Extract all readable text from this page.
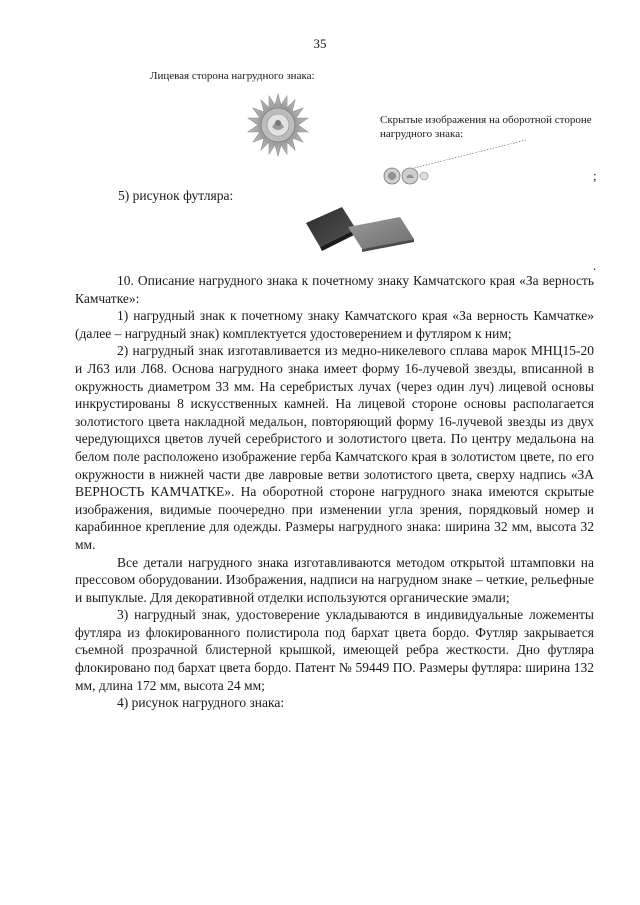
35
Лицевая сторона нагрудного знака:
Скрытые изображения на оборотной стороне нагрудного знака:
;
5) рисунок футляра:
.

10. Описание нагрудного знака к почетному знаку Камчатского края «За верность Камчатке»:

1) нагрудный знак к почетному знаку Камчатского края «За верность Камчатке» (далее – нагрудный знак) комплектуется удостоверением и футляром к ним;

2) нагрудный знак изготавливается из медно-никелевого сплава марок МНЦ15-20 и Л63 или Л68. Основа нагрудного знака имеет форму 16-лучевой звезды, вписанной в окружность диаметром 33 мм. На серебристых лучах (через один луч) лицевой основы инкрустированы 8 искусственных камней. На лицевой стороне основы располагается золотистого цвета накладной медальон, повторяющий форму 16-лучевой звезды из двух чередующихся цветов лучей серебристого и золотистого цвета. По центру медальона на белом поле расположено изображение герба Камчатского края в золотистом цвете, по его окружности в нижней части две лавровые ветви золотистого цвета, сверху надпись «ЗА ВЕРНОСТЬ КАМЧАТКЕ». На оборотной стороне нагрудного знака имеются скрытые изображения, видимые поочередно при изменении угла зрения, порядковый номер и карабинное крепление для одежды. Размеры нагрудного знака: ширина 32 мм, высота 32 мм.

Все детали нагрудного знака изготавливаются методом открытой штамповки на прессовом оборудовании. Изображения, надписи на нагрудном знаке – четкие, рельефные и выпуклые. Для декоративной отделки используются органические эмали;

3) нагрудный знак, удостоверение укладываются в индивидуальные ложементы футляра из флокированного полистирола под бархат цвета бордо. Футляр закрывается съемной прозрачной блистерной крышкой, имеющей ребра жесткости. Дно футляра флокировано под бархат цвета бордо. Патент № 59449 ПО. Размеры футляра: ширина 132 мм, длина 172 мм, высота 24 мм;

4) рисунок нагрудного знака:
